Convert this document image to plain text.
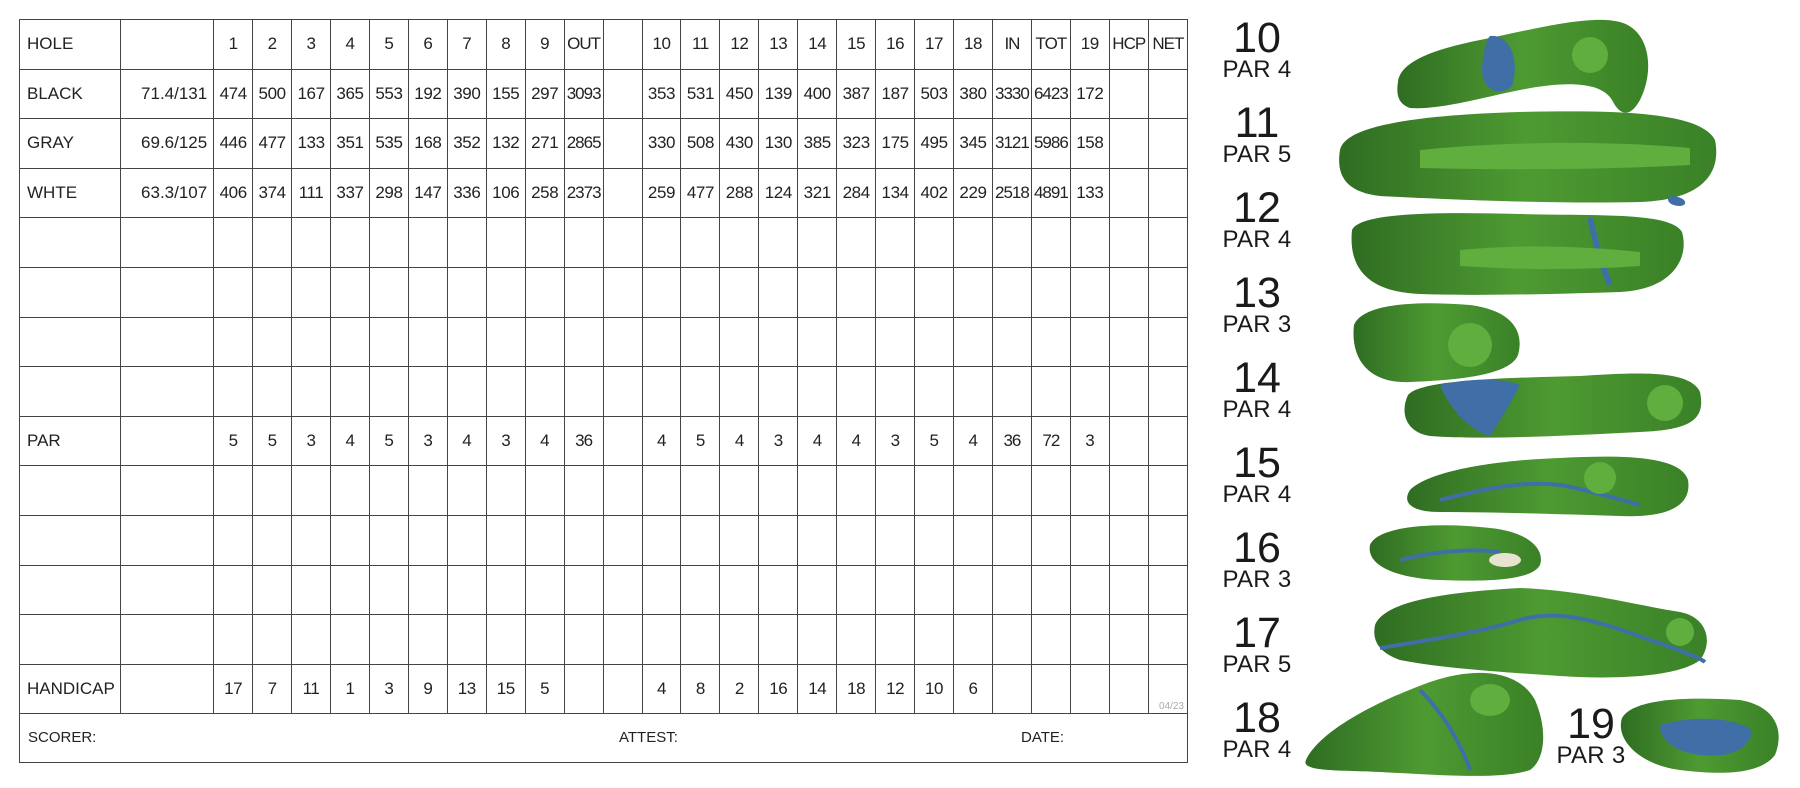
HOLE		1	2	3	4	5	6	7	8	9	OUT		10	11	12	13	14	15	16	17	18	IN	TOT	19	HCP	NET
BLACK	71.4/131	474	500	167	365	553	192	390	155	297	3093		353	531	450	139	400	387	187	503	380	3330	6423	172		
GRAY	69.6/125	446	477	133	351	535	168	352	132	271	2865		330	508	430	130	385	323	175	495	345	3121	5986	158		
WHTE	63.3/107	406	374	111	337	298	147	336	106	258	2373		259	477	288	124	321	284	134	402	229	2518	4891	133		

PAR		5	5	3	4	5	3	4	3	4	36		4	5	4	3	4	4	3	5	4	36	72	3		

HANDICAP		17	7	11	1	3	9	13	15	5			4	8	2	16	14	18	12	10	6					04/23

SCORER: ATTEST: DATE:																										
10
PAR 4
11
PAR 5
12
PAR 4
13
PAR 3
14
PAR 4
15
PAR 4
16
PAR 3
17
PAR 5
18
PAR 4
19
PAR 3
